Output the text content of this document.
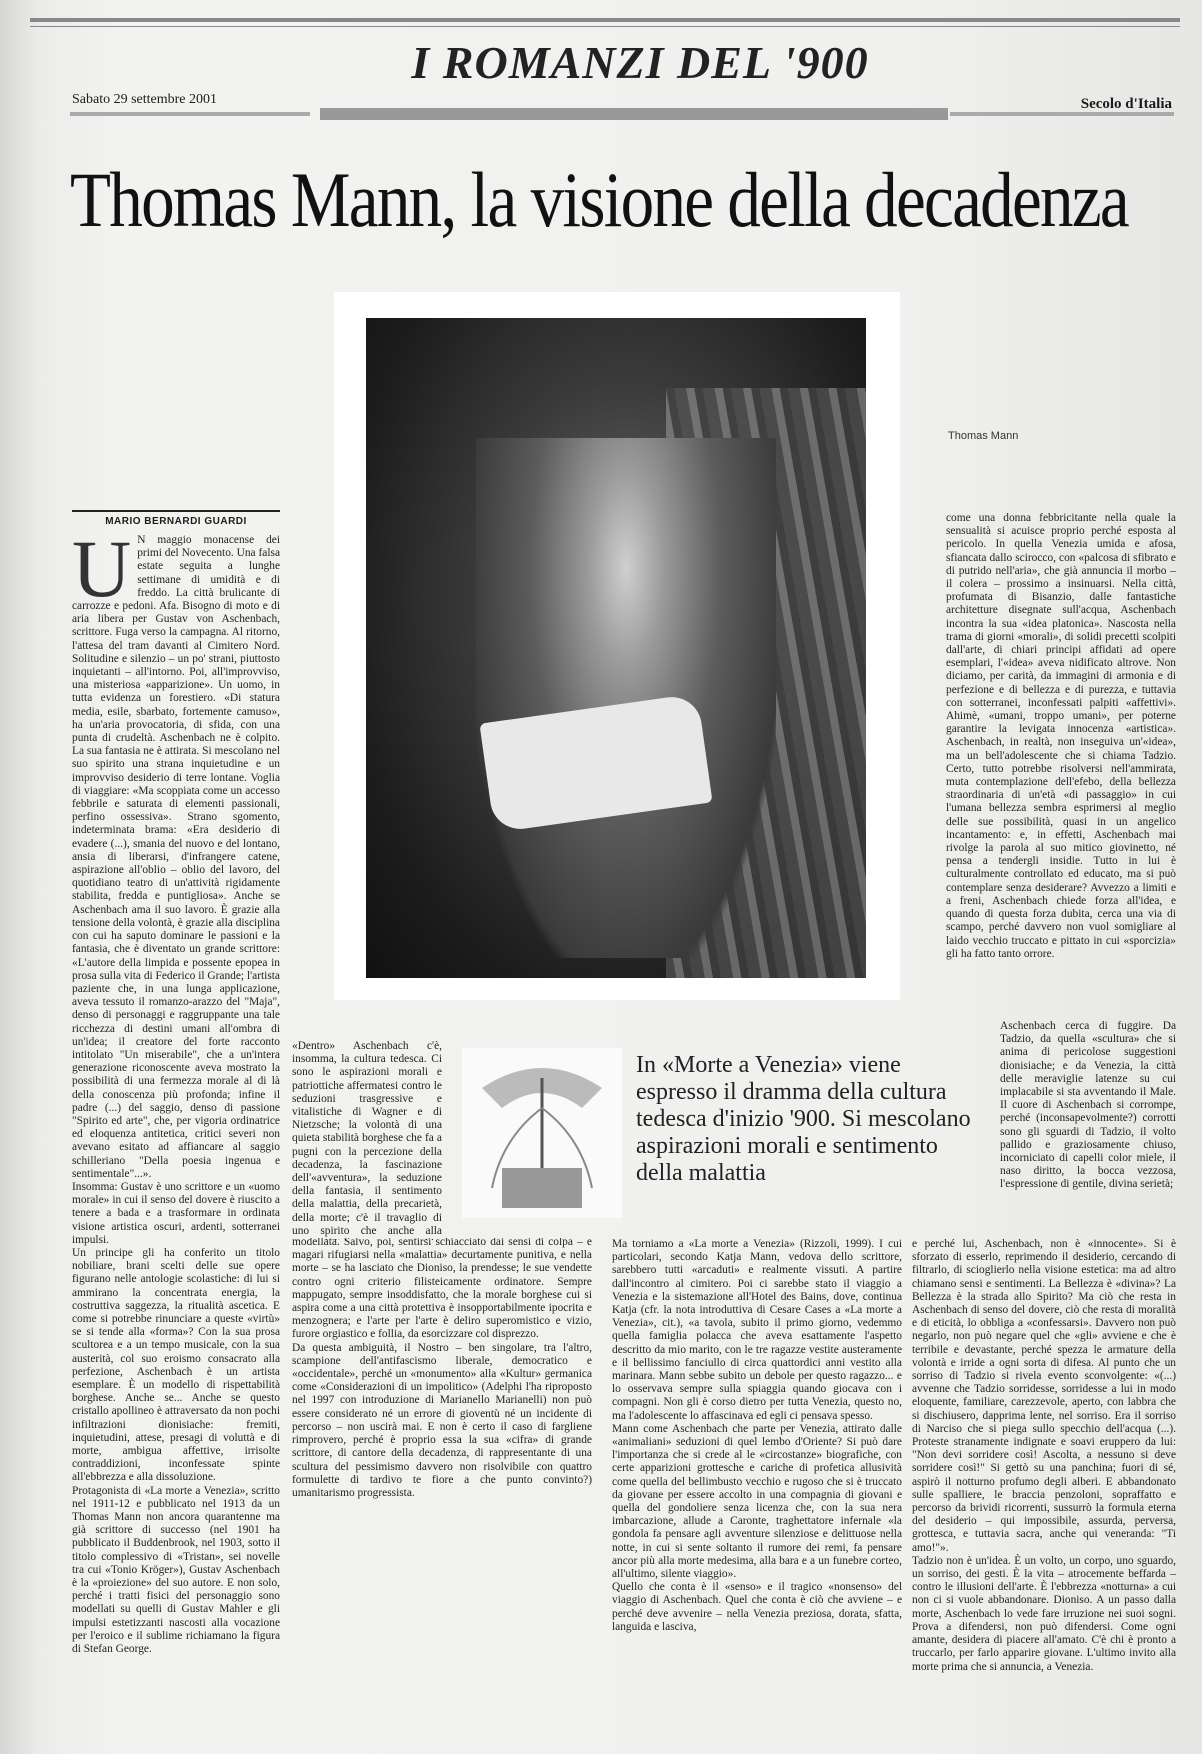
Sabato 29 settembre 2001
I ROMANZI DEL '900
Secolo d'Italia
Thomas Mann, la visione della decadenza
Thomas Mann
MARIO BERNARDI GUARDI
U N maggio monacense dei primi del Novecento. Una falsa estate seguita a lunghe settimane di umidità e di freddo. La città brulicante di carrozze e pedoni. Afa. Bisogno di moto e di aria libera per Gustav von Aschenbach, scrittore. Fuga verso la campagna. Al ritorno, l'attesa del tram davanti al Cimitero Nord. Solitudine e silenzio – un po' strani, piuttosto inquietanti – all'intorno. Poi, all'improvviso, una misteriosa «apparizione». Un uomo, in tutta evidenza un forestiero. «Di statura media, esile, sbarbato, fortemente camuso», ha un'aria provocatoria, di sfida, con una punta di crudeltà. Aschenbach ne è colpito. La sua fantasia ne è attirata. Si mescolano nel suo spirito una strana inquietudine e un improvviso desiderio di terre lontane. Voglia di viaggiare: «Ma scoppiata come un accesso febbrile e saturata di elementi passionali, perfino ossessiva». Strano sgomento, indeterminata brama: «Era desiderio di evadere (...), smania del nuovo e del lontano, ansia di liberarsi, d'infrangere catene, aspirazione all'oblio – oblio del lavoro, del quotidiano teatro di un'attività rigidamente stabilita, fredda e puntigliosa». Anche se Aschenbach ama il suo lavoro. È grazie alla tensione della volontà, è grazie alla disciplina con cui ha saputo dominare le passioni e la fantasia, che è diventato un grande scrittore: «L'autore della limpida e possente epopea in prosa sulla vita di Federico il Grande; l'artista paziente che, in una lunga applicazione, aveva tessuto il romanzo-arazzo del "Maja", denso di personaggi e raggruppante una tale ricchezza di destini umani all'ombra di un'idea; il creatore del forte racconto intitolato "Un miserabile", che a un'intera generazione riconoscente aveva mostrato la possibilità di una fermezza morale al di là della conoscenza più profonda; infine il padre (...) del saggio, denso di passione "Spirito ed arte", che, per vigoria ordinatrice ed eloquenza antitetica, critici severi non avevano esitato ad affiancare al saggio schilleriano "Della poesia ingenua e sentimentale"...».
Insomma: Gustav è uno scrittore e un «uomo morale» in cui il senso del dovere è riuscito a tenere a bada e a trasformare in ordinata visione artistica oscuri, ardenti, sotterranei impulsi.
Un principe gli ha conferito un titolo nobiliare, brani scelti delle sue opere figurano nelle antologie scolastiche: di lui si ammirano la concentrata energia, la costruttiva saggezza, la ritualità ascetica. E come si potrebbe rinunciare a queste «virtù» se si tende alla «forma»? Con la sua prosa scultorea e a un tempo musicale, con la sua austerità, col suo eroismo consacrato alla perfezione, Aschenbach è un artista esemplare. È un modello di rispettabilità borghese. Anche se... Anche se questo cristallo apollineo è attraversato da non pochi infiltrazioni dionisiache: fremiti, inquietudini, attese, presagi di voluttà e di morte, ambigua affettive, irrisolte contraddizioni, inconfessate spinte all'ebbrezza e alla dissoluzione.
Protagonista di «La morte a Venezia», scritto nel 1911-12 e pubblicato nel 1913 da un Thomas Mann non ancora quarantenne ma già scrittore di successo (nel 1901 ha pubblicato il Buddenbrook, nel 1903, sotto il titolo complessivo di «Tristan», sei novelle tra cui «Tonio Kröger»), Gustav Aschenbach è la «proiezione» del suo autore. E non solo, perché i tratti fisici del personaggio sono modellati su quelli di Gustav Mahler e gli impulsi estetizzanti nascosti alla vocazione per l'eroico e il sublime richiamano la figura di Stefan George.
«Dentro» Aschenbach c'è, insomma, la cultura tedesca. Ci sono le aspirazioni morali e patriottiche affermatesi contro le seduzioni trasgressive e vitalistiche di Wagner e di Nietzsche; la volontà di una quieta stabilità borghese che fa a pugni con la percezione della decadenza, la fascinazione dell'«avventura», la seduzione della fantasia, il sentimento della malattia, della precarietà, della morte; c'è il travaglio di uno spirito che anche alla

In «Morte a Venezia» viene espresso il dramma della cultura tedesca d'inizio '900. Si mescolano aspirazioni morali e sentimento della malattia

modellata. Salvo, poi, sentirsi schiacciato dai sensi di colpa – e magari rifugiarsi nella «malattia» decurtamente punitiva, e nella morte – se ha lasciato che Dioniso, la prendesse; le sue vendette contro ogni criterio filisteicamente ordinatore. Sempre mappugato, sempre insoddisfatto, che la morale borghese cui si aspira come a una città protettiva è insopportabilmente ipocrita e menzognera; e l'arte per l'arte è deliro superomistico e vizio, furore orgiastico e follia, da esorcizzare col disprezzo.
Da questa ambiguità, il Nostro – ben singolare, tra l'altro, scampione dell'antifascismo liberale, democratico e «occidentale», perché un «monumento» alla «Kultur» germanica come «Considerazioni di un impolitico» (Adelphi l'ha riproposto nel 1997 con introduzione di Marianello Marianelli) non può essere considerato né un errore di gioventù né un incidente di percorso – non uscirà mai. E non è certo il caso di fargliene rimprovero, perché è proprio essa la sua «cifra» di grande scrittore, di cantore della decadenza, di rappresentante di una scultura del pessimismo davvero non risolvibile con quattro formulette di tardivo te fiore a che punto convinto?) umanitarismo progressista.
Ma torniamo a «La morte a Venezia» (Rizzoli, 1999). I cui particolari, secondo Katja Mann, vedova dello scrittore, sarebbero tutti «arcaduti» e realmente vissuti. A partire dall'incontro al cimitero. Poi ci sarebbe stato il viaggio a Venezia e la sistemazione all'Hotel des Bains, dove, continua Katja (cfr. la nota introduttiva di Cesare Cases a «La morte a Venezia», cit.), «a tavola, subito il primo giorno, vedemmo quella famiglia polacca che aveva esattamente l'aspetto descritto da mio marito, con le tre ragazze vestite austeramente e il bellissimo fanciullo di circa quattordici anni vestito alla marinara. Mann sebbe subito un debole per questo ragazzo... e lo osservava sempre sulla spiaggia quando giocava con i compagni. Non gli è corso dietro per tutta Venezia, questo no, ma l'adolescente lo affascinava ed egli ci pensava spesso.
Mann come Aschenbach che parte per Venezia, attirato dalle «animaliani» seduzioni di quel lembo d'Oriente? Si può dare l'importanza che si crede al le «circostanze» biografiche, con certe apparizioni grottesche e cariche di profetica allusività come quella del bellimbusto vecchio e rugoso che si è truccato da giovane per essere accolto in una compagnia di giovani e quella del gondoliere senza licenza che, con la sua nera imbarcazione, allude a Caronte, traghettatore infernale «la gondola fa pensare agli avventure silenziose e delittuose nella notte, in cui si sente soltanto il rumore dei remi, fa pensare ancor più alla morte medesima, alla bara e a un funebre corteo, all'ultimo, silente viaggio».
Quello che conta è il «senso» e il tragico «nonsenso» del viaggio di Aschenbach. Quel che conta è ciò che avviene – e perché deve avvenire – nella Venezia preziosa, dorata, sfatta, languida e lasciva,
come una donna febbricitante nella quale la sensualità si acuisce proprio perché esposta al pericolo. In quella Venezia umida e afosa, sfiancata dallo scirocco, con «palcosa di sfibrato e di putrido nell'aria», che già annuncia il morbo – il colera – prossimo a insinuarsi. Nella città, profumata di Bisanzio, dalle fantastiche architetture disegnate sull'acqua, Aschenbach incontra la sua «idea platonica». Nascosta nella trama di giorni «morali», di solidi precetti scolpiti dall'arte, di chiari principi affidati ad opere esemplari, l'«idea» aveva nidificato altrove. Non diciamo, per carità, da immagini di armonia e di perfezione e di bellezza e di purezza, e tuttavia con sotterranei, inconfessati palpiti «affettivi». Ahimè, «umani, troppo umani», per poterne garantire la levigata innocenza «artistica». Aschenbach, in realtà, non inseguiva un'«idea», ma un bell'adolescente che si chiama Tadzio. Certo, tutto potrebbe risolversi nell'ammirata, muta contemplazione dell'efebo, della bellezza straordinaria di un'età «di passaggio» in cui l'umana bellezza sembra esprimersi al meglio delle sue possibilità, quasi in un angelico incantamento: e, in effetti, Aschenbach mai rivolge la parola al suo mitico giovinetto, né pensa a tendergli insidie. Tutto in lui è culturalmente controllato ed educato, ma si può contemplare senza desiderare? Avvezzo a limiti e a freni, Aschenbach chiede forza all'idea, e quando di questa forza dubita, cerca una via di scampo, perché davvero non vuol somigliare al laido vecchio truccato e pittato in cui «sporcizia» gli ha fatto tanto orrore.
Aschenbach cerca di fuggire. Da Tadzio, da quella «scultura» che si anima di pericolose suggestioni dionisiache; e da Venezia, la città delle meraviglie latenze su cui implacabile si sta avventando il Male. Il cuore di Aschenbach si corrompe, perché (inconsapevolmente?) corrotti sono gli sguardi di Tadzio, il volto pallido e graziosamente chiuso, incorniciato di capelli color miele, il naso diritto, la bocca vezzosa, l'espressione di gentile, divina serietà;
e perché lui, Aschenbach, non è «innocente». Si è sforzato di esserlo, reprimendo il desiderio, cercando di filtrarlo, di scioglierlo nella visione estetica: ma ad altro chiamano sensi e sentimenti. La Bellezza è «divina»? La Bellezza è la strada allo Spirito? Ma ciò che resta in Aschenbach di senso del dovere, ciò che resta di moralità e di eticità, lo obbliga a «confessarsi». Davvero non può negarlo, non può negare quel che «gli» avviene e che è terribile e devastante, perché spezza le armature della volontà e irride a ogni sorta di difesa. Al punto che un sorriso di Tadzio si rivela evento sconvolgente: «(...) avvenne che Tadzio sorridesse, sorridesse a lui in modo eloquente, familiare, carezzevole, aperto, con labbra che si dischiusero, dapprima lente, nel sorriso. Era il sorriso di Narciso che si piega sullo specchio dell'acqua (...). Proteste stranamente indignate e soavi eruppero da lui: "Non devi sorridere così! Ascolta, a nessuno si deve sorridere così!" Si gettò su una panchina; fuori di sé, aspirò il notturno profumo degli alberi. E abbandonato sulle spalliere, le braccia penzoloni, sopraffatto e percorso da brividi ricorrenti, sussurrò la formula eterna del desiderio – qui impossibile, assurda, perversa, grottesca, e tuttavia sacra, anche qui veneranda: "Ti amo!"».
Tadzio non è un'idea. È un volto, un corpo, uno sguardo, un sorriso, dei gesti. È la vita – atrocemente beffarda – contro le illusioni dell'arte. È l'ebbrezza «notturna» a cui non ci si vuole abbandonare. Dioniso. A un passo dalla morte, Aschenbach lo vede fare irruzione nei suoi sogni. Prova a difendersi, non può difendersi. Come ogni amante, desidera di piacere all'amato. C'è chi è pronto a truccarlo, per farlo apparire giovane. L'ultimo invito alla morte prima che si annuncia, a Venezia.
